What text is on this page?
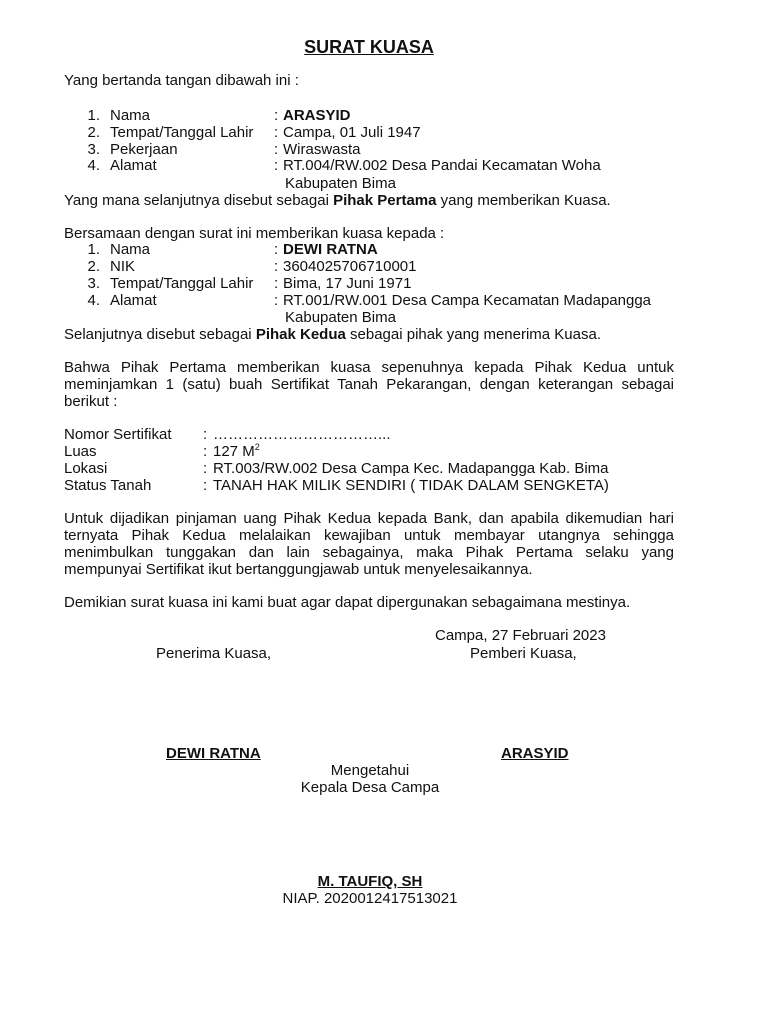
SURAT KUASA
Yang bertanda tangan dibawah ini :
1. Nama	: ARASYID
2. Tempat/Tanggal Lahir : Campa, 01 Juli 1947
3. Pekerjaan	: Wiraswasta
4. Alamat	: RT.004/RW.002 Desa Pandai Kecamatan Woha
Kabupaten Bima
Yang mana selanjutnya disebut sebagai Pihak Pertama yang memberikan Kuasa.
Bersamaan dengan surat ini memberikan kuasa kepada :
1. Nama	: DEWI RATNA
2. NIK	: 3604025706710001
3. Tempat/Tanggal Lahir : Bima, 17 Juni 1971
4. Alamat	: RT.001/RW.001 Desa Campa Kecamatan Madapangga
Kabupaten Bima
Selanjutnya disebut sebagai Pihak Kedua sebagai pihak yang menerima Kuasa.
Bahwa Pihak Pertama memberikan kuasa sepenuhnya kepada Pihak Kedua untuk meminjamkan 1 (satu) buah Sertifikat Tanah Pekarangan, dengan keterangan sebagai berikut :
Nomor Sertifikat : ……………………………...
Luas	: 127 $M^2$
Lokasi	: RT.003/RW.002 Desa Campa Kec. Madapangga Kab. Bima
Status Tanah	: TANAH HAK MILIK SENDIRI ( TIDAK DALAM SENGKETA)
Untuk dijadikan pinjaman uang Pihak Kedua kepada Bank, dan apabila dikemudian hari ternyata Pihak Kedua melalaikan kewajiban untuk membayar utangnya sehingga menimbulkan tunggakan dan lain sebagainya, maka Pihak Pertama selaku yang mempunyai Sertifikat ikut bertanggungjawab untuk menyelesaikannya.
Demikian surat kuasa ini kami buat agar dapat dipergunakan sebagaimana mestinya.
Campa, 27 Februari 2023
Penerima Kuasa,	Pemberi Kuasa,
DEWI RATNA	ARASYID
Mengetahui
Kepala Desa Campa
M. TAUFIQ, SH
NIAP. 2020012417513021
